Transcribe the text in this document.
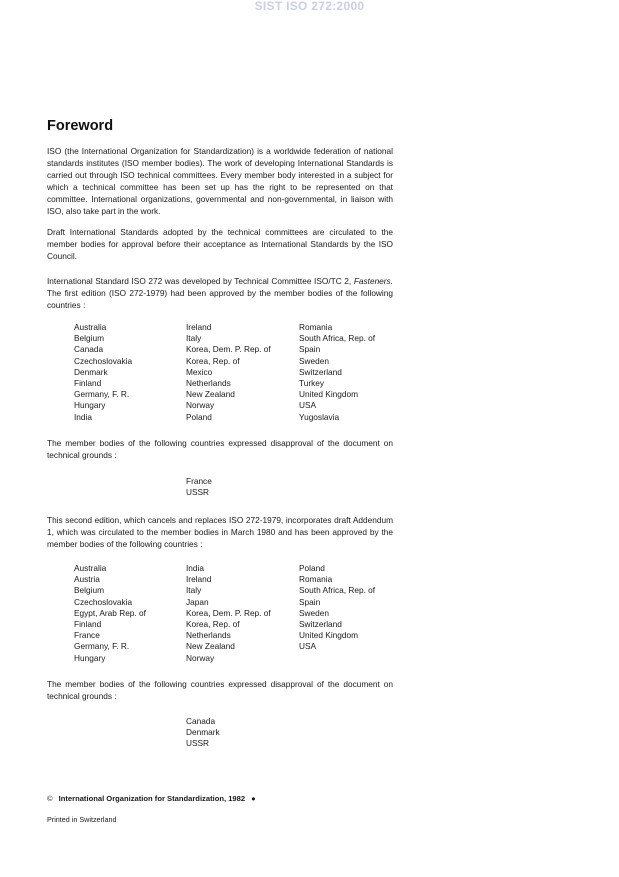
SIST ISO 272:2000
Foreword

ISO (the International Organization for Standardization) is a worldwide federation of national standards institutes (ISO member bodies). The work of developing International Standards is carried out through ISO technical committees. Every member body interested in a subject for which a technical committee has been set up has the right to be represented on that committee. International organizations, governmental and non-governmental, in liaison with ISO, also take part in the work.

Draft International Standards adopted by the technical committees are circulated to the member bodies for approval before their acceptance as International Standards by the ISO Council.

International Standard ISO 272 was developed by Technical Committee ISO/TC 2, Fasteners. The first edition (ISO 272-1979) had been approved by the member bodies of the following countries :

Australia	Ireland	Romania
Belgium	Italy	South Africa, Rep. of
Canada	Korea, Dem. P. Rep. of	Spain
Czechoslovakia	Korea, Rep. of	Sweden
Denmark	Mexico	Switzerland
Finland	Netherlands	Turkey
Germany, F. R.	New Zealand	United Kingdom
Hungary	Norway	USA
India	Poland	Yugoslavia

The member bodies of the following countries expressed disapproval of the document on technical grounds :

France
USSR

This second edition, which cancels and replaces ISO 272-1979, incorporates draft Addendum 1, which was circulated to the member bodies in March 1980 and has been approved by the member bodies of the following countries :

Australia	India	Poland
Austria	Ireland	Romania
Belgium	Italy	South Africa, Rep. of
Czechoslovakia	Japan	Spain
Egypt, Arab Rep. of	Korea, Dem. P. Rep. of	Sweden
Finland	Korea, Rep. of	Switzerland
France	Netherlands	United Kingdom
Germany, F. R.	New Zealand	USA
Hungary	Norway

The member bodies of the following countries expressed disapproval of the document on technical grounds :

Canada
Denmark
USSR
© International Organization for Standardization, 1982 ●
Printed in Switzerland
